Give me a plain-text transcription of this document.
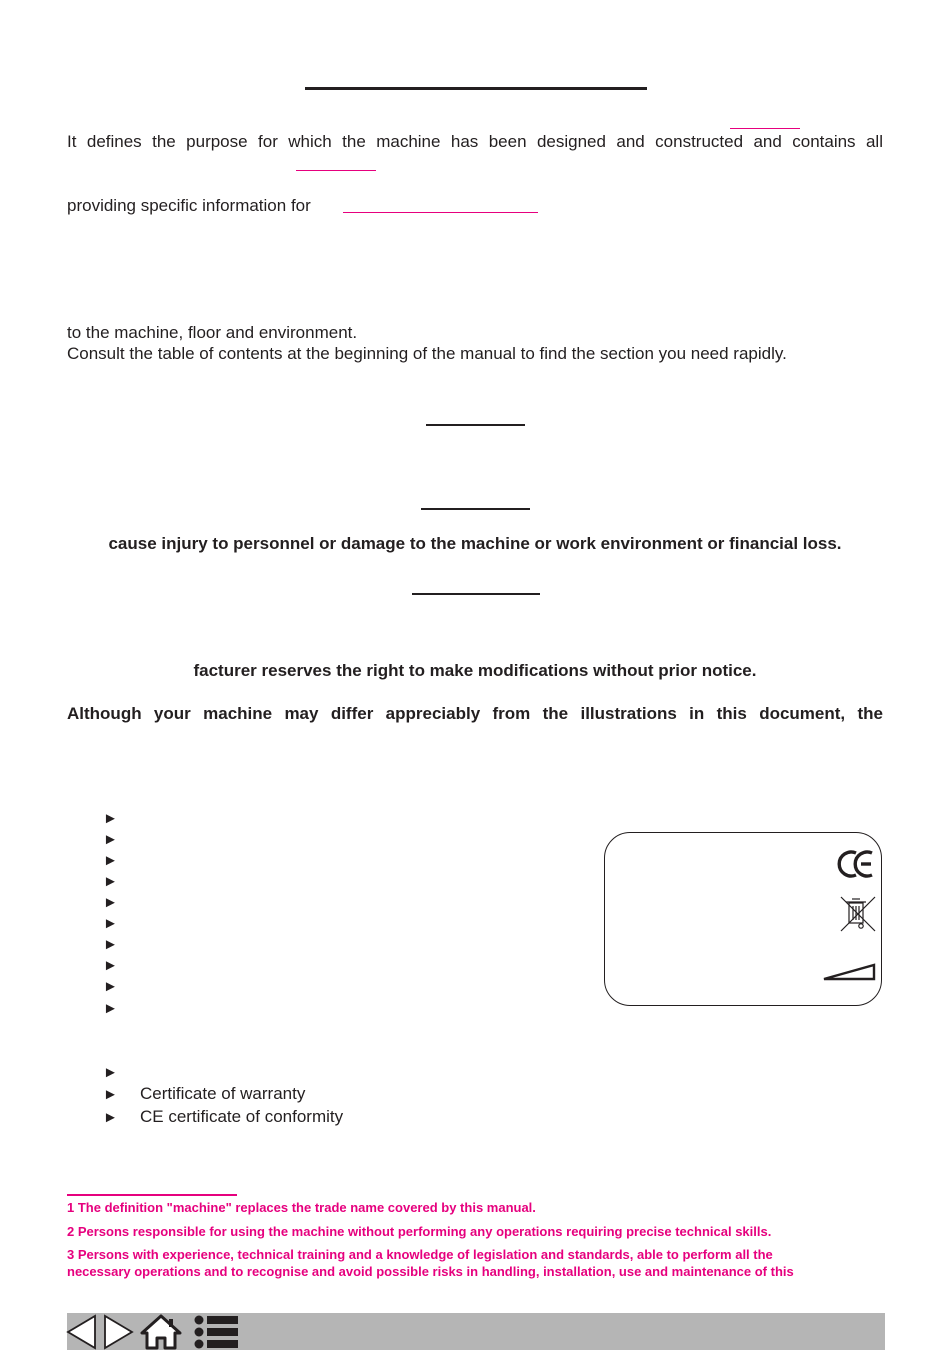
It defines the purpose for which the machine has been designed and constructed and contains all
providing specific information for
to the machine, floor and environment.
Consult the table of contents at the beginning of the manual to find the section you need rapidly.
cause injury to personnel or damage to the machine or work environment or financial loss.
facturer reserves the right to make modifications without prior notice.
Although your machine may differ appreciably from the illustrations in this document, the
►
►
►
►
►
►
►
►
►
►
►
► Certificate of warranty
► CE certificate of conformity
1 The definition "machine" replaces the trade name covered by this manual.
2 Persons responsible for using the machine without performing any operations requiring precise technical skills.
3 Persons with experience, technical training and a knowledge of legislation and standards, able to perform all the
necessary operations and to recognise and avoid possible risks in handling, installation, use and maintenance of this
